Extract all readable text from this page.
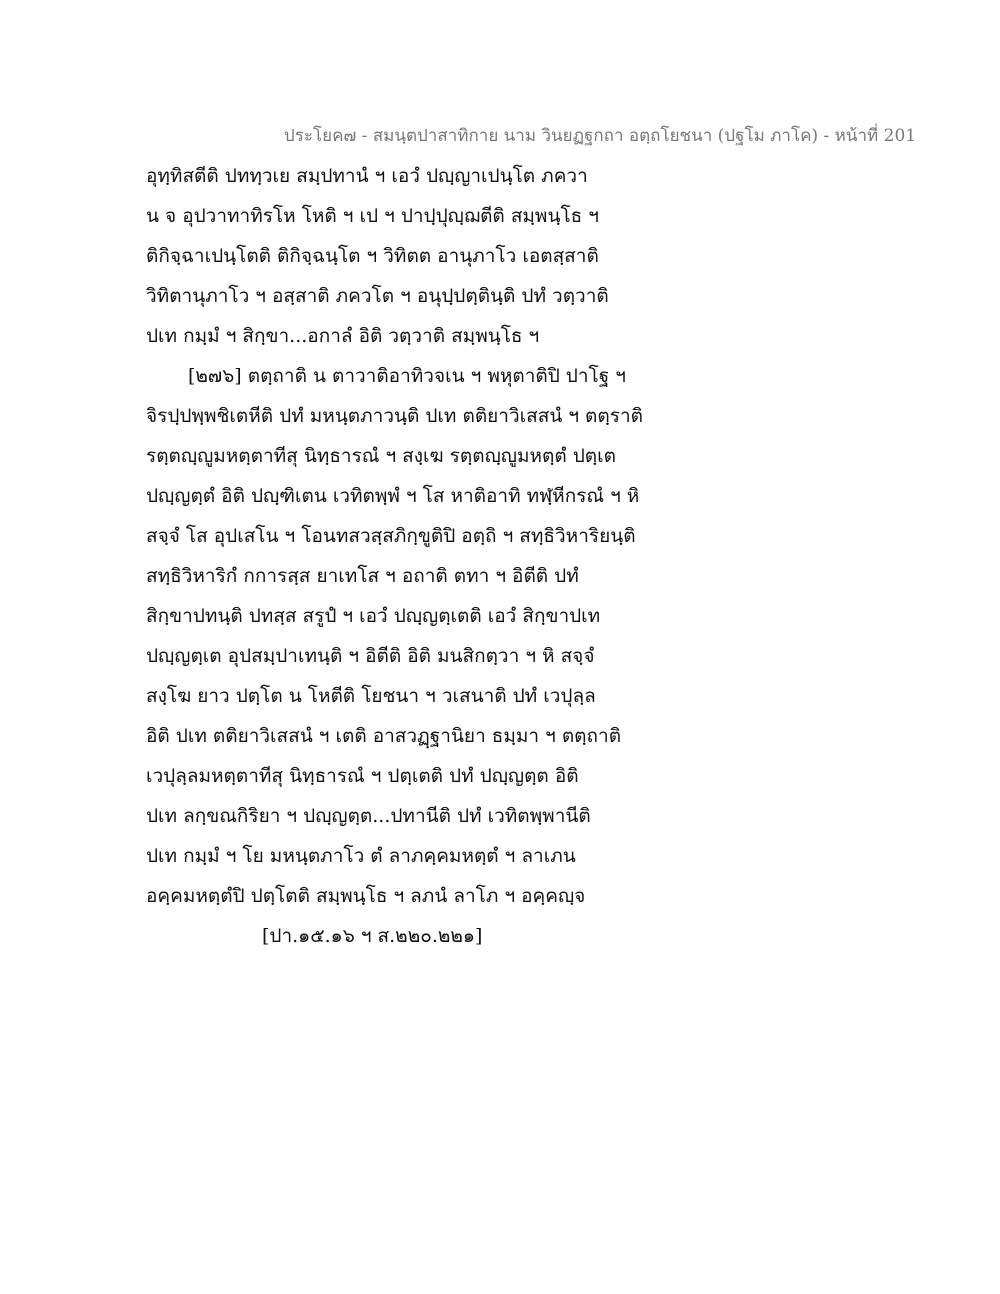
ประโยค๗ - สมนฺตปาสาทิกาย นาม วินยฏฐกถา อตฺถโยชนา (ปฐโม ภาโค) - หน้าที่ 201
อุทฺทิสตีติ ปททฺวเย สมฺปทานํ ฯ เอวํ ปญฺญาเปนฺโต ภควา
น จ อุปวาทาทิรโห โหติ ฯ เป ฯ ปาปฺปุญฺฌตีติ สมฺพนฺโธ ฯ
ติกิจฺฉาเปนฺโตติ ติกิจฺฉนฺโต ฯ วิทิตต อานุภาโว เอตสฺสาติ
วิทิตานุภาโว ฯ อสฺสาติ ภควโต ฯ อนุปฺปตฺตินฺติ ปทํ วตฺวาติ
ปเท กมฺมํ ฯ สิกฺขา...อกาลํ อิติ วตฺวาติ สมฺพนฺโธ ฯ
[๒๗๖] ตตฺถาติ น ตาวาติอาทิวจเน ฯ พหุตาติปิ ปาโฐ ฯ
จิรปฺปพฺพชิเตหีติ ปทํ มหนฺตภาวนฺติ ปเท ตติยาวิเสสนํ ฯ ตตฺราติ
รตฺตญฺญูมหตฺตาทีสุ นิทฺธารณํ ฯ สงฺเฆ รตฺตญฺญูมหตฺตํ ปตฺเต
ปญฺญตฺตํ อิติ ปญฺฑิเตน เวทิตพฺพํ ฯ โส หาติอาทิ ทฬฺหีกรณํ ฯ หิ
สจฺจํ โส อุปเสโน ฯ โอนทสวสฺสภิกฺขูติปิ อตฺถิ ฯ สทฺธิวิหาริยนฺติ
สทฺธิวิหาริกํ กการสฺส ยาเทโส ฯ อถาติ ตทา ฯ อิตีติ ปทํ
สิกฺขาปทนฺติ ปทสฺส สรูปํ ฯ เอวํ ปญฺญตฺเตติ เอวํ สิกฺขาปเท
ปญฺญตฺเต อุปสมฺปาเทนฺติ ฯ อิตีติ อิติ มนสิกตฺวา ฯ หิ สจฺจํ
สงฺโฆ ยาว ปตฺโต น โหตีติ โยชนา ฯ วเสนาติ ปทํ เวปุลฺล
อิติ ปเท ตติยาวิเสสนํ ฯ เตติ อาสวฏฺฐานิยา ธมฺมา ฯ ตตฺถาติ
เวปุลฺลมหตฺตาทีสุ นิทฺธารณํ ฯ ปตฺเตติ ปทํ ปญฺญตฺต อิติ
ปเท ลกฺขณกิริยา ฯ ปญฺญตฺต...ปทานีติ ปทํ เวทิตพฺพานีติ
ปเท กมฺมํ ฯ โย มหนฺตภาโว ตํ ลาภคฺคมหตฺตํ ฯ ลาเภน
อคฺคมหตฺตํปิ ปตฺโตติ สมฺพนฺโธ ฯ ลภนํ ลาโภ ฯ อคฺคญฺจ
[ปา.๑๕.๑๖ ฯ ส.๒๒๐.๒๒๑]
